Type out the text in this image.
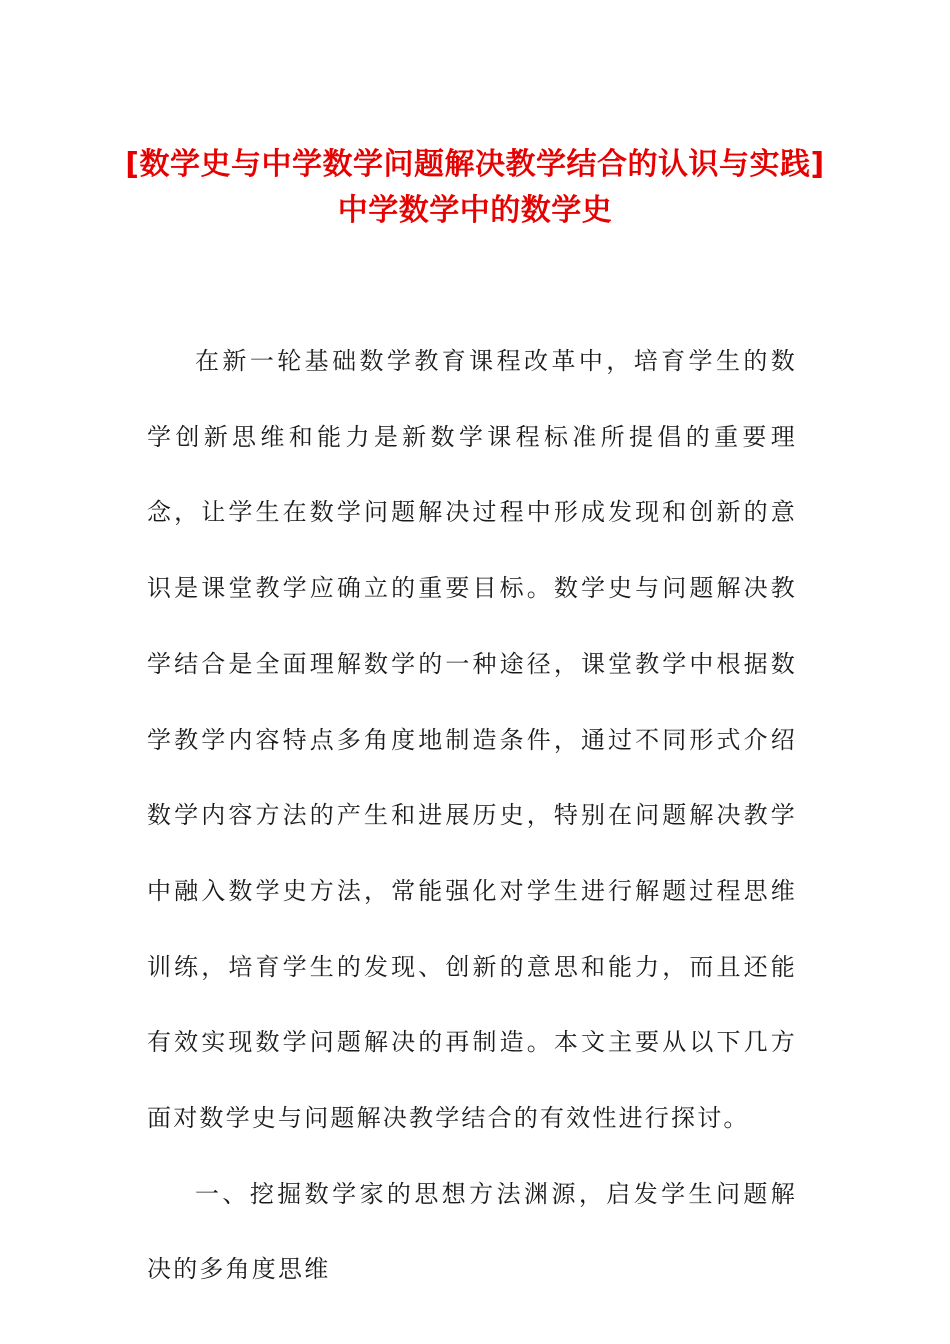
[数学史与中学数学问题解决教学结合的认识与实践] 中学数学中的数学史

在新一轮基础数学教育课程改革中，培育学生的数学创新思维和能力是新数学课程标准所提倡的重要理念，让学生在数学问题解决过程中形成发现和创新的意识是课堂教学应确立的重要目标。数学史与问题解决教学结合是全面理解数学的一种途径，课堂教学中根据数学教学内容特点多角度地制造条件，通过不同形式介绍数学内容方法的产生和进展历史，特别在问题解决教学中融入数学史方法，常能强化对学生进行解题过程思维训练，培育学生的发现、创新的意思和能力，而且还能有效实现数学问题解决的再制造。本文主要从以下几方面对数学史与问题解决教学结合的有效性进行探讨。

一、挖掘数学家的思想方法渊源，启发学生问题解决的多角度思维
